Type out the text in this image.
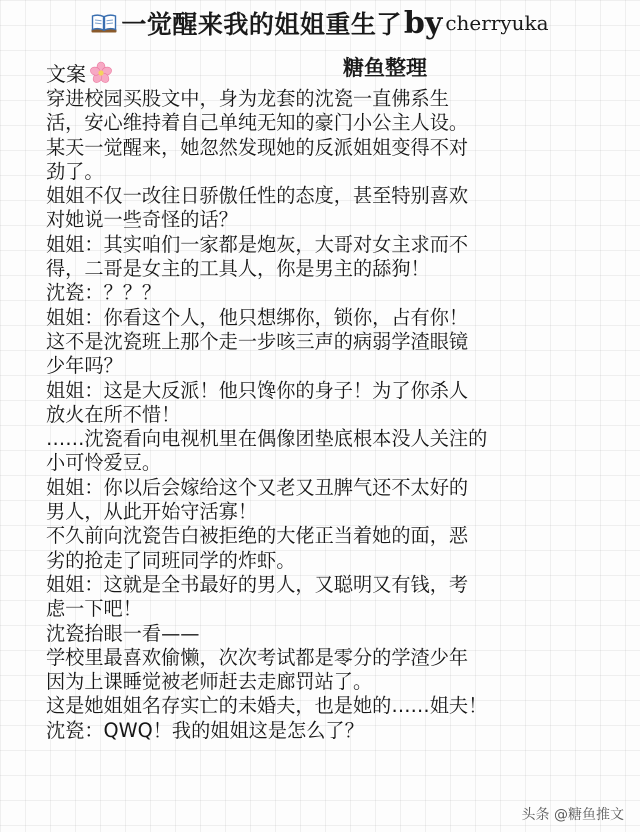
一觉醒来我的姐姐重生了 by cherryuka
文案	糖鱼整理
穿进校园买股文中，身为龙套的沈瓷一直佛系生
活，安心维持着自己单纯无知的豪门小公主人设。
某天一觉醒来，她忽然发现她的反派姐姐变得不对
劲了。
姐姐不仅一改往日骄傲任性的态度，甚至特别喜欢
对她说一些奇怪的话？
姐姐：其实咱们一家都是炮灰，大哥对女主求而不
得，二哥是女主的工具人，你是男主的舔狗！
沈瓷：？？？
姐姐：你看这个人，他只想绑你，锁你，占有你！
这不是沈瓷班上那个走一步咳三声的病弱学渣眼镜
少年吗？
姐姐：这是大反派！他只馋你的身子！为了你杀人
放火在所不惜！
……沈瓷看向电视机里在偶像团垫底根本没人关注的
小可怜爱豆。
姐姐：你以后会嫁给这个又老又丑脾气还不太好的
男人，从此开始守活寡！
不久前向沈瓷告白被拒绝的大佬正当着她的面，恶
劣的抢走了同班同学的炸虾。
姐姐：这就是全书最好的男人，又聪明又有钱，考
虑一下吧！
沈瓷抬眼一看——
学校里最喜欢偷懒，次次考试都是零分的学渣少年
因为上课睡觉被老师赶去走廊罚站了。
这是她姐姐名存实亡的未婚夫，也是她的……姐夫！
沈瓷：QWQ！我的姐姐这是怎么了？
头条 @糖鱼推文
